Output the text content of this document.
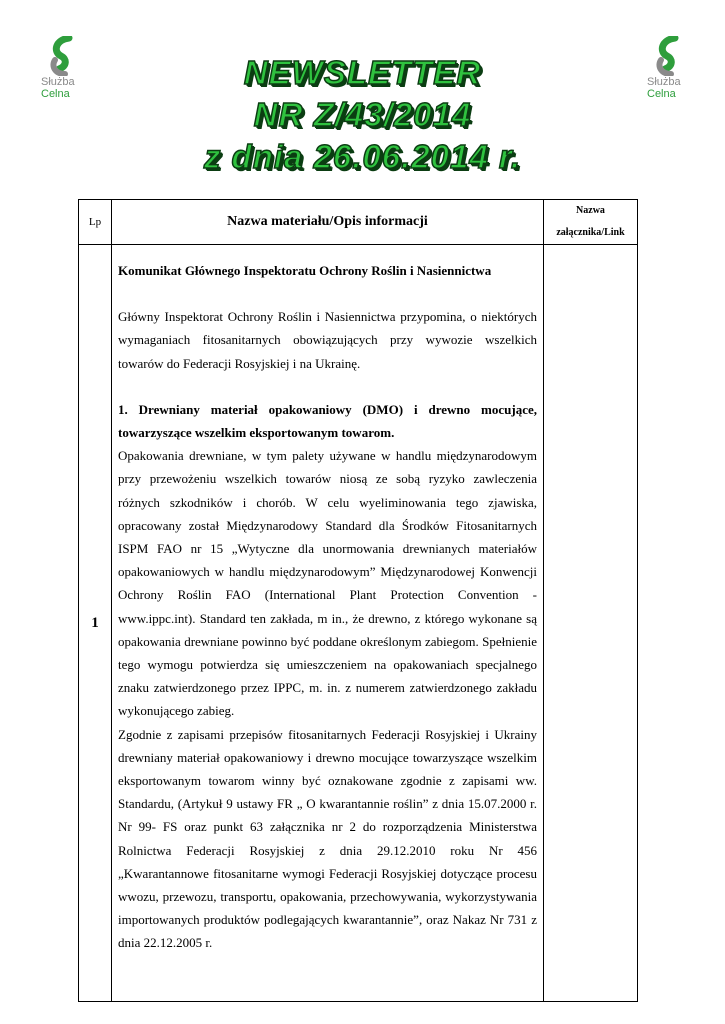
Służba
Celna
Służba
Celna
NEWSLETTER
NR Z/43/2014
z dnia 26.06.2014 r.
Lp	Nazwa materiału/Opis informacji	Nazwa
załącznika/Link
1	Komunikat Głównego Inspektoratu Ochrony Roślin i Nasiennictwa

Główny Inspektorat Ochrony Roślin i Nasiennictwa przypomina, o niektórych wymaganiach fitosanitarnych obowiązujących przy wywozie wszelkich towarów do Federacji Rosyjskiej i na Ukrainę.

1. Drewniany materiał opakowaniowy (DMO) i drewno mocujące, towarzyszące wszelkim eksportowanym towarom.

Opakowania drewniane, w tym palety używane w handlu międzynarodowym przy przewożeniu wszelkich towarów niosą ze sobą ryzyko zawleczenia różnych szkodników i chorób. W celu wyeliminowania tego zjawiska, opracowany został Międzynarodowy Standard dla Środków Fitosanitarnych ISPM FAO nr 15 „Wytyczne dla unormowania drewnianych materiałów opakowaniowych w handlu międzynarodowym” Międzynarodowej Konwencji Ochrony Roślin FAO (International Plant Protection Convention - www.ippc.int). Standard ten zakłada, m in., że drewno, z którego wykonane są opakowania drewniane powinno być poddane określonym zabiegom. Spełnienie tego wymogu potwierdza się umieszczeniem na opakowaniach specjalnego znaku zatwierdzonego przez IPPC, m. in. z numerem zatwierdzonego zakładu wykonującego zabieg.

Zgodnie z zapisami przepisów fitosanitarnych Federacji Rosyjskiej i Ukrainy drewniany materiał opakowaniowy i drewno mocujące towarzyszące wszelkim eksportowanym towarom winny być oznakowane zgodnie z zapisami ww. Standardu, (Artykuł 9 ustawy FR „ O kwarantannie roślin” z dnia 15.07.2000 r. Nr 99- FS oraz punkt 63 załącznika nr 2 do rozporządzenia Ministerstwa Rolnictwa Federacji Rosyjskiej z dnia 29.12.2010 roku Nr 456 „Kwarantannowe fitosanitarne wymogi Federacji Rosyjskiej dotyczące procesu wwozu, przewozu, transportu, opakowania, przechowywania, wykorzystywania importowanych produktów podlegających kwarantannie”, oraz Nakaz Nr 731 z dnia 22.12.2005 r.	
